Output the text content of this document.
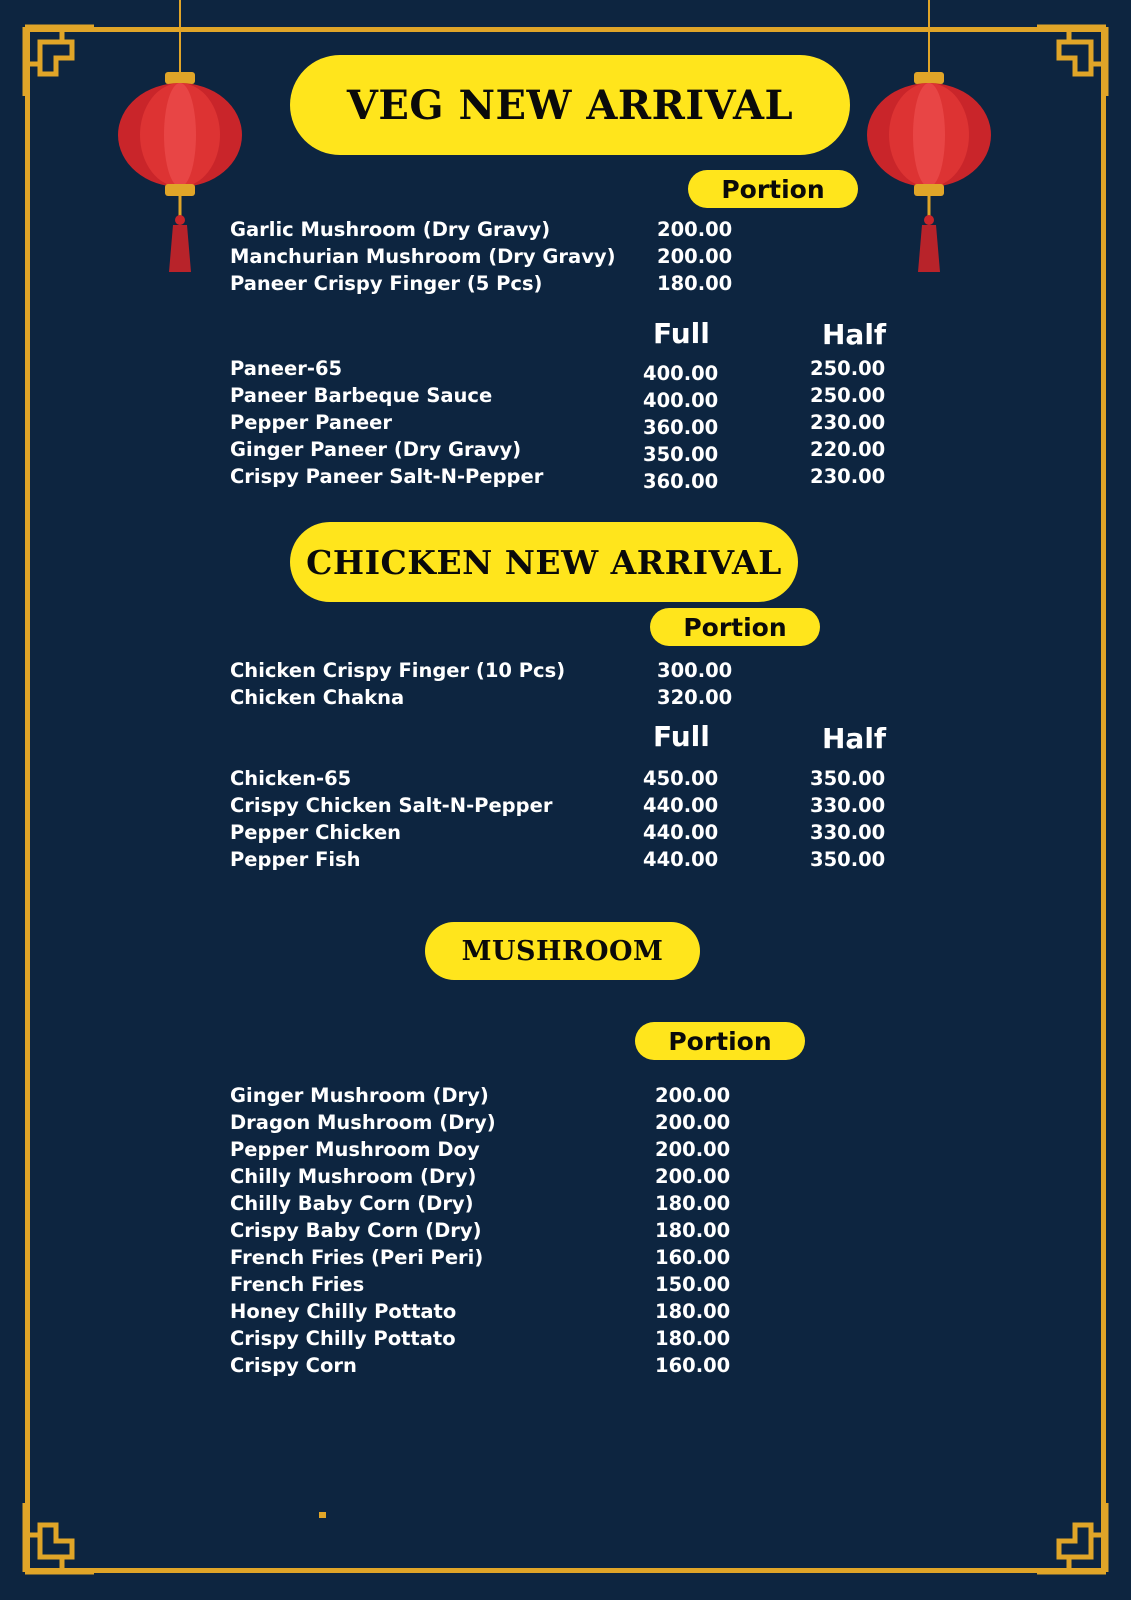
VEG NEW ARRIVAL
Portion
Garlic Mushroom (Dry Gravy)	200.00
Manchurian Mushroom (Dry Gravy) 200.00
Paneer Crispy Finger (5 Pcs)	180.00
Full	Half
Paneer-65	400.00	250.00
Paneer Barbeque Sauce	400.00	250.00
Pepper Paneer	360.00	230.00
Ginger Paneer (Dry Gravy)	350.00	220.00
Crispy Paneer Salt-N-Pepper	360.00	230.00
CHICKEN NEW ARRIVAL
Portion
Chicken Crispy Finger (10 Pcs)	300.00
Chicken Chakna	320.00
Full	Half
Chicken-65	450.00	350.00
Crispy Chicken Salt-N-Pepper	440.00	330.00
Pepper Chicken	440.00	330.00
Pepper Fish	440.00	350.00
MUSHROOM
Portion
Ginger Mushroom (Dry)	200.00
Dragon Mushroom (Dry)	200.00
Pepper Mushroom Doy	200.00
Chilly Mushroom (Dry)	200.00
Chilly Baby Corn (Dry)	180.00
Crispy Baby Corn (Dry)	180.00
French Fries (Peri Peri)	160.00
French Fries	150.00
Honey Chilly Pottato	180.00
Crispy Chilly Pottato	180.00
Crispy Corn	160.00
